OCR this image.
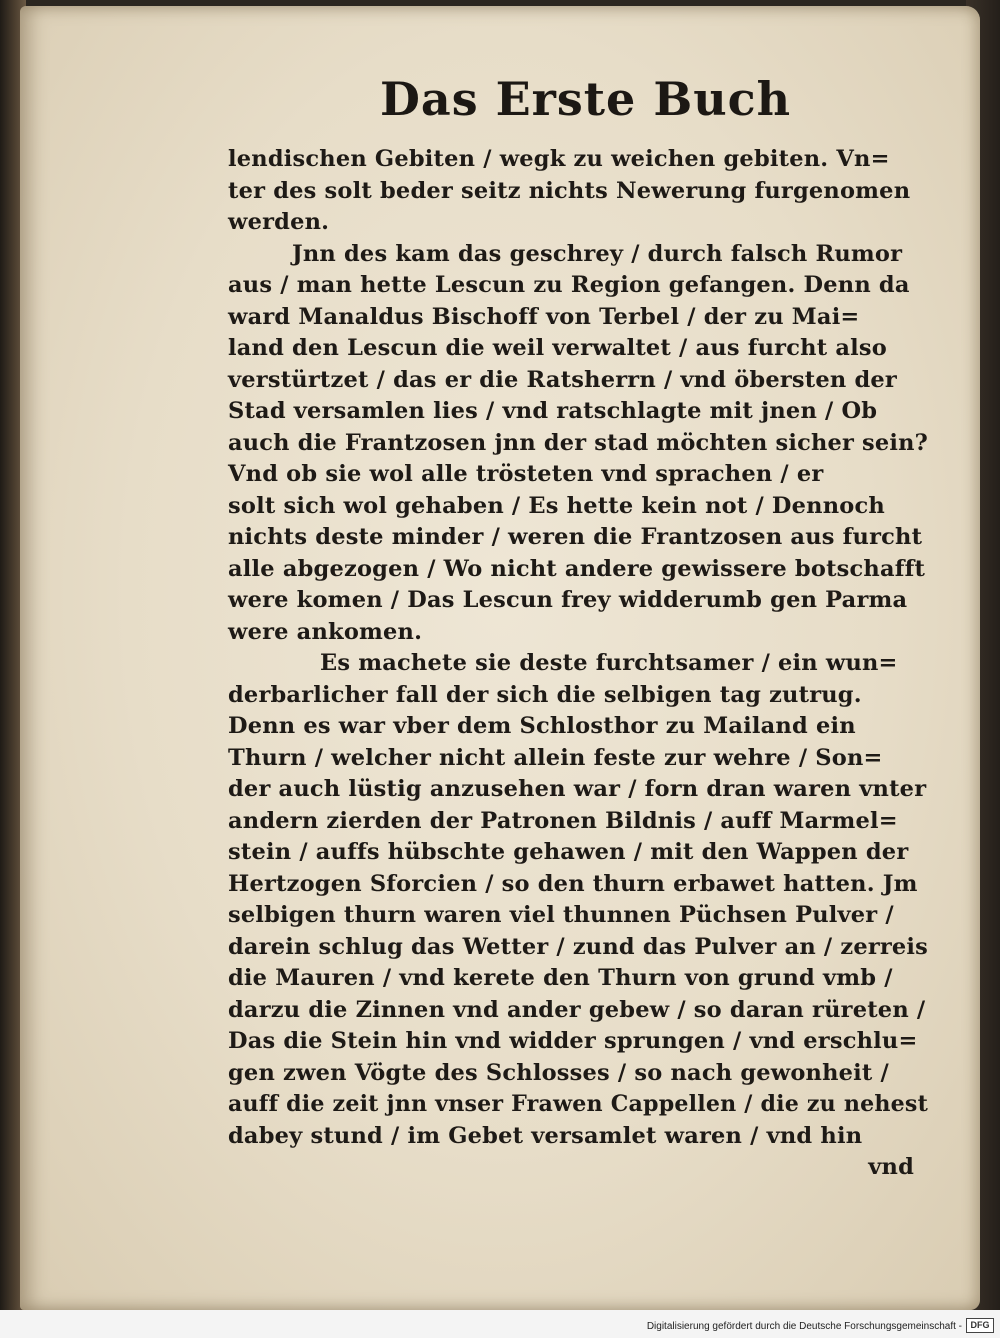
Das Erste Buch
lendischen Gebiten / wegk zu weichen gebiten. Vn=
ter des solt beder seitz nichts Newerung furgenomen
werden.
Jnn des kam das geschrey / durch falsch Rumor
aus / man hette Lescun zu Region gefangen. Denn da
ward Manaldus Bischoff von Terbel / der zu Mai=
land den Lescun die weil verwaltet / aus furcht also
verstürtzet / das er die Ratsherrn / vnd öbersten der
Stad versamlen lies / vnd ratschlagte mit jnen / Ob
auch die Frantzosen jnn der stad möchten sicher sein?
Vnd ob sie wol alle trösteten vnd sprachen / er
solt sich wol gehaben / Es hette kein not / Dennoch
nichts deste minder / weren die Frantzosen aus furcht
alle abgezogen / Wo nicht andere gewissere botschafft
were komen / Das Lescun frey widderumb gen Parma
were ankomen.
Es machete sie deste furchtsamer / ein wun=
derbarlicher fall der sich die selbigen tag zutrug.
Denn es war vber dem Schlosthor zu Mailand ein
Thurn / welcher nicht allein feste zur wehre / Son=
der auch lüstig anzusehen war / forn dran waren vnter
andern zierden der Patronen Bildnis / auff Marmel=
stein / auffs hübschte gehawen / mit den Wappen der
Hertzogen Sforcien / so den thurn erbawet hatten. Jm
selbigen thurn waren viel thunnen Püchsen Pulver /
darein schlug das Wetter / zund das Pulver an / zerreis
die Mauren / vnd kerete den Thurn von grund vmb /
darzu die Zinnen vnd ander gebew / so daran rüreten /
Das die Stein hin vnd widder sprungen / vnd erschlu=
gen zwen Vögte des Schlosses / so nach gewonheit /
auff die zeit jnn vnser Frawen Cappellen / die zu nehest
dabey stund / im Gebet versamlet waren / vnd hin
vnd
Digitalisierung gefördert durch die Deutsche Forschungsgemeinschaft - DFG
